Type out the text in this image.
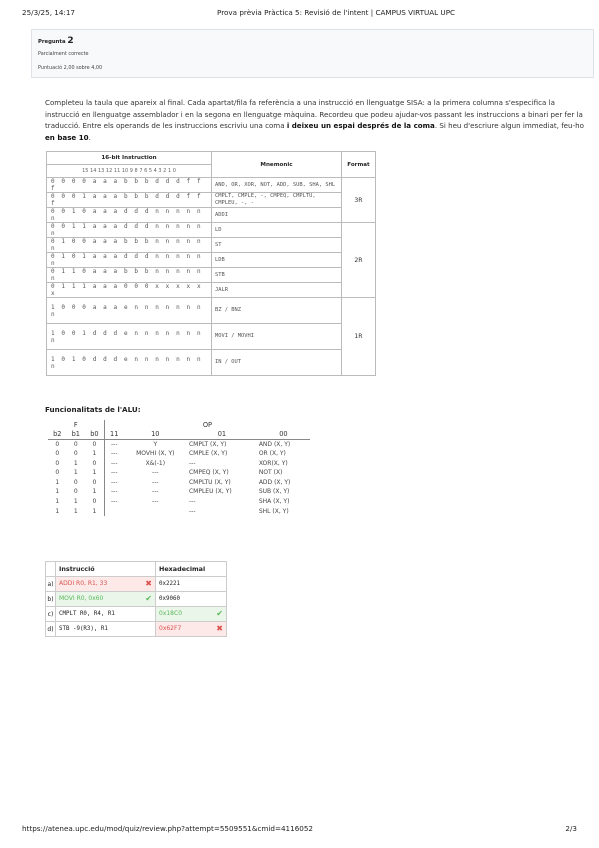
25/3/25, 14:17	Prova prèvia Pràctica 5: Revisió de l'intent | CAMPUS VIRTUAL UPC
Pregunta 2
Parcialment correcte
Puntuació 2,00 sobre 4,00
Completeu la taula que apareix al final. Cada apartat/fila fa referència a una instrucció en llenguatge SISA: a la primera columna s'especifica la instrucció en llenguatge assemblador i en la segona en llenguatge màquina. Recordeu que podeu ajudar-vos passant les instruccions a binari per fer la traducció. Entre els operands de les instruccions escriviu una coma i deixeu un espai després de la coma. Si heu d'escriure algun immediat, feu-ho en base 10.
16-bit Instruction	Mnemonic	Format
15 14 13 12 11 10 9 8 7 6 5 4 3 2 1 0		
0 0 0 0 a a a b b b d d d f f f	AND, OR, XOR, NOT, ADD, SUB, SHA, SHL	3R
0 0 0 1 a a a b b b d d d f f f	CMPLT, CMPLE, -, CMPEQ, CMPLTU, CMPLEU, -, -	
0 0 1 0 a a a d d d n n n n n n	ADDI	
0 0 1 1 a a a d d d n n n n n n	LD	2R
0 1 0 0 a a a b b b n n n n n n	ST	
0 1 0 1 a a a d d d n n n n n n	LDB	
0 1 1 0 a a a b b b n n n n n n	STB	
0 1 1 1 a a a 0 0 0 x x x x x x	JALR	
1 0 0 0 a a a e n n n n n n n n	BZ / BNZ	1R
1 0 0 1 d d d e n n n n n n n n	MOVI / MOVHI	
1 0 1 0 d d d e n n n n n n n n	IN / OUT	
Funcionalitats de l'ALU:
	F		OP			
b2	b1	b0	11	10	01	00
0	0	0	---	Y	CMPLT (X, Y)	AND (X, Y)
0	0	1	---	MOVHI (X, Y)	CMPLE (X, Y)	OR (X, Y)
0	1	0	---	X&(-1)	---	XOR(X, Y)
0	1	1	---	---	CMPEQ (X, Y)	NOT (X)
1	0	0	---	---	CMPLTU (X, Y)	ADD (X, Y)
1	0	1	---	---	CMPLEU (X, Y)	SUB (X, Y)
1	1	0	---	---	---	SHA (X, Y)
1	1	1			---	SHL (X, Y)
	Instrucció	Hexadecimal
a)	ADDI R0, R1, 33 ✖	0x2221
b)	MOVI R0, 0x60 ✔	0x9060
c)	CMPLT R0, R4, R1	0x18C0 ✔

d)	STB -9(R3), R1	0x62F7 ✖
https://atenea.upc.edu/mod/quiz/review.php?attempt=5509551&cmid=4116052	2/3
